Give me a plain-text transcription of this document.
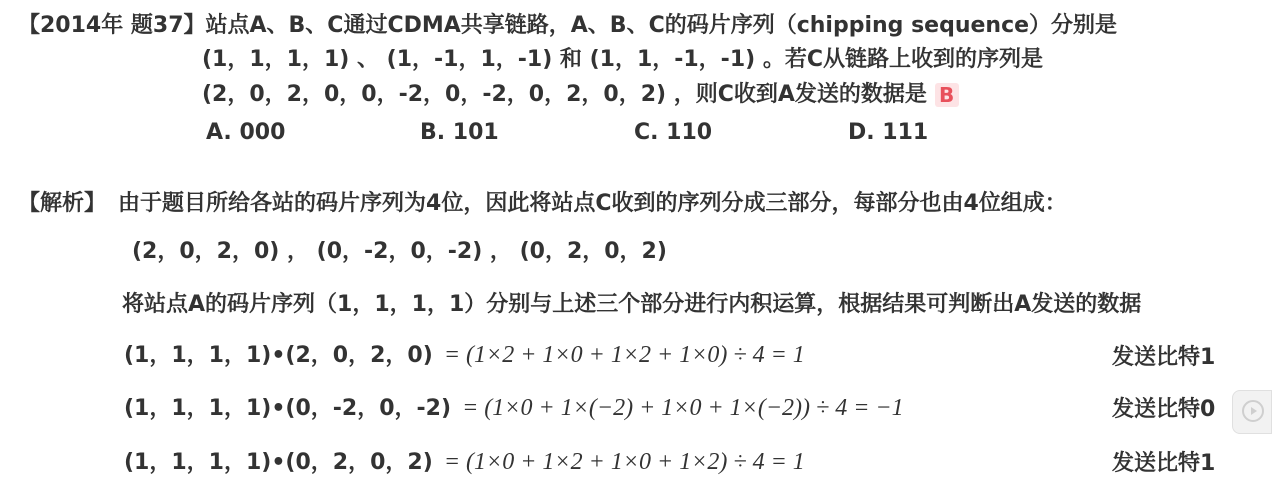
【2014年 题37】站点A、B、C通过CDMA共享链路，A、B、C的码片序列（chipping sequence）分别是
(1，1，1，1) 、 (1，-1，1，-1) 和 (1，1，-1，-1) 。若C从链路上收到的序列是
(2，0，2，0，0，-2，0，-2，0，2，0，2) ，则C收到A发送的数据是 B
A. 000	B. 101	C. 110	D. 111
【解析】 由于题目所给各站的码片序列为4位，因此将站点C收到的序列分成三部分，每部分也由4位组成：
(2，0，2，0) ， (0，-2，0，-2) ， (0，2，0，2)
将站点A的码片序列（1，1，1，1）分别与上述三个部分进行内积运算，根据结果可判断出A发送的数据
(1，1，1，1)•(2，0，2，0) = (1×2 + 1×0 + 1×2 + 1×0) ÷ 4 = 1	发送比特1
(1，1，1，1)•(0，-2，0，-2) = (1×0 + 1×(−2) + 1×0 + 1×(−2)) ÷ 4 = −1	发送比特0
(1，1，1，1)•(0，2，0，2) = (1×0 + 1×2 + 1×0 + 1×2) ÷ 4 = 1	发送比特1
